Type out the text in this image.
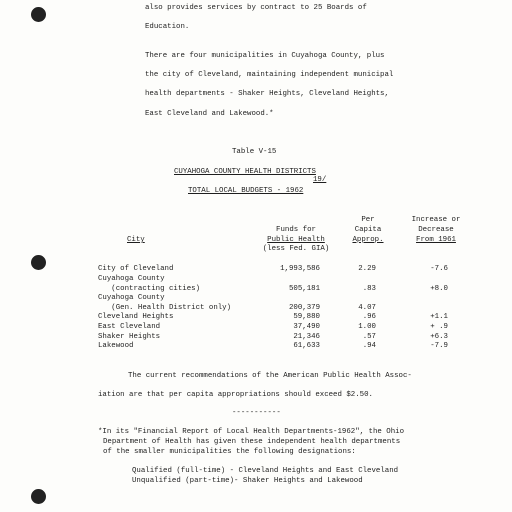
also provides services by contract to 25 Boards of
Education.
There are four municipalities in Cuyahoga County, plus
the city of Cleveland, maintaining independent municipal
health departments - Shaker Heights, Cleveland Heights,
East Cleveland and Lakewood.*
Table V-15
CUYAHOGA COUNTY HEALTH DISTRICTS
19/
TOTAL LOCAL BUDGETS - 1962
Per	Increase or
Funds for	Capita	Decrease
City	Public Health	Approp.	From 1961
(less Fed. GIA)
City of Cleveland	1,993,586	2.29	-7.6
Cuyahoga County
(contracting cities)	505,181	.83	+8.0
Cuyahoga County
(Gen. Health District only)	200,379	4.07
Cleveland Heights	59,880	.96	+1.1
East Cleveland	37,490	1.00	+ .9
Shaker Heights	21,346	.57	+6.3
Lakewood	61,633	.94	-7.9
The current recommendations of the American Public Health Assoc-
iation are that per capita appropriations should exceed $2.50.
-----------
*In its "Financial Report of Local Health Departments-1962", the Ohio
Department of Health has given these independent health departments
of the smaller municipalities the following designations:
Qualified (full-time) - Cleveland Heights and East Cleveland
Unqualified (part-time)- Shaker Heights and Lakewood
